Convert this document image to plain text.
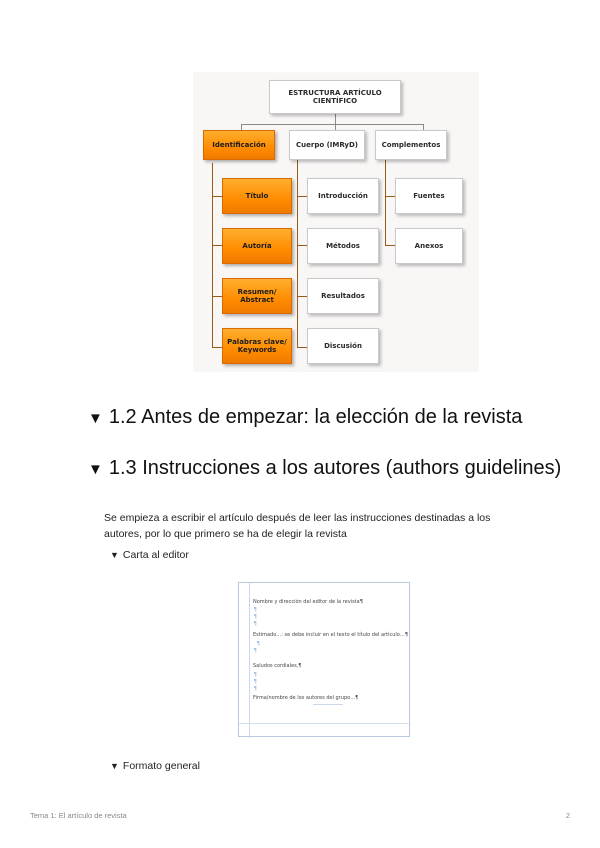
ESTRUCTURA ARTÍCULO
CIENTÍFICO
Identificación	Cuerpo (IMRyD)	Complementos
Título
Autoría
Resumen/
Abstract
Palabras clave/
Keywords
Introducción
Métodos
Resultados
Discusión
Fuentes
Anexos
▼ 1.2 Antes de empezar: la elección de la revista
▼ 1.3 Instrucciones a los autores (authors guidelines)
Se empieza a escribir el artículo después de leer las instrucciones destinadas a los autores, por lo que primero se ha de elegir la revista
▼ Carta al editor
Nombre y dirección del editor de la revista¶
¶
¶
¶
Estimado…: se debe incluir en el texto el título del artículo…¶
¶
¶
Saludos cordiales,¶
¶
¶
¶
Firma/nombre de los autores del grupo…¶
▼ Formato general
Tema 1: El artículo de revista	2
